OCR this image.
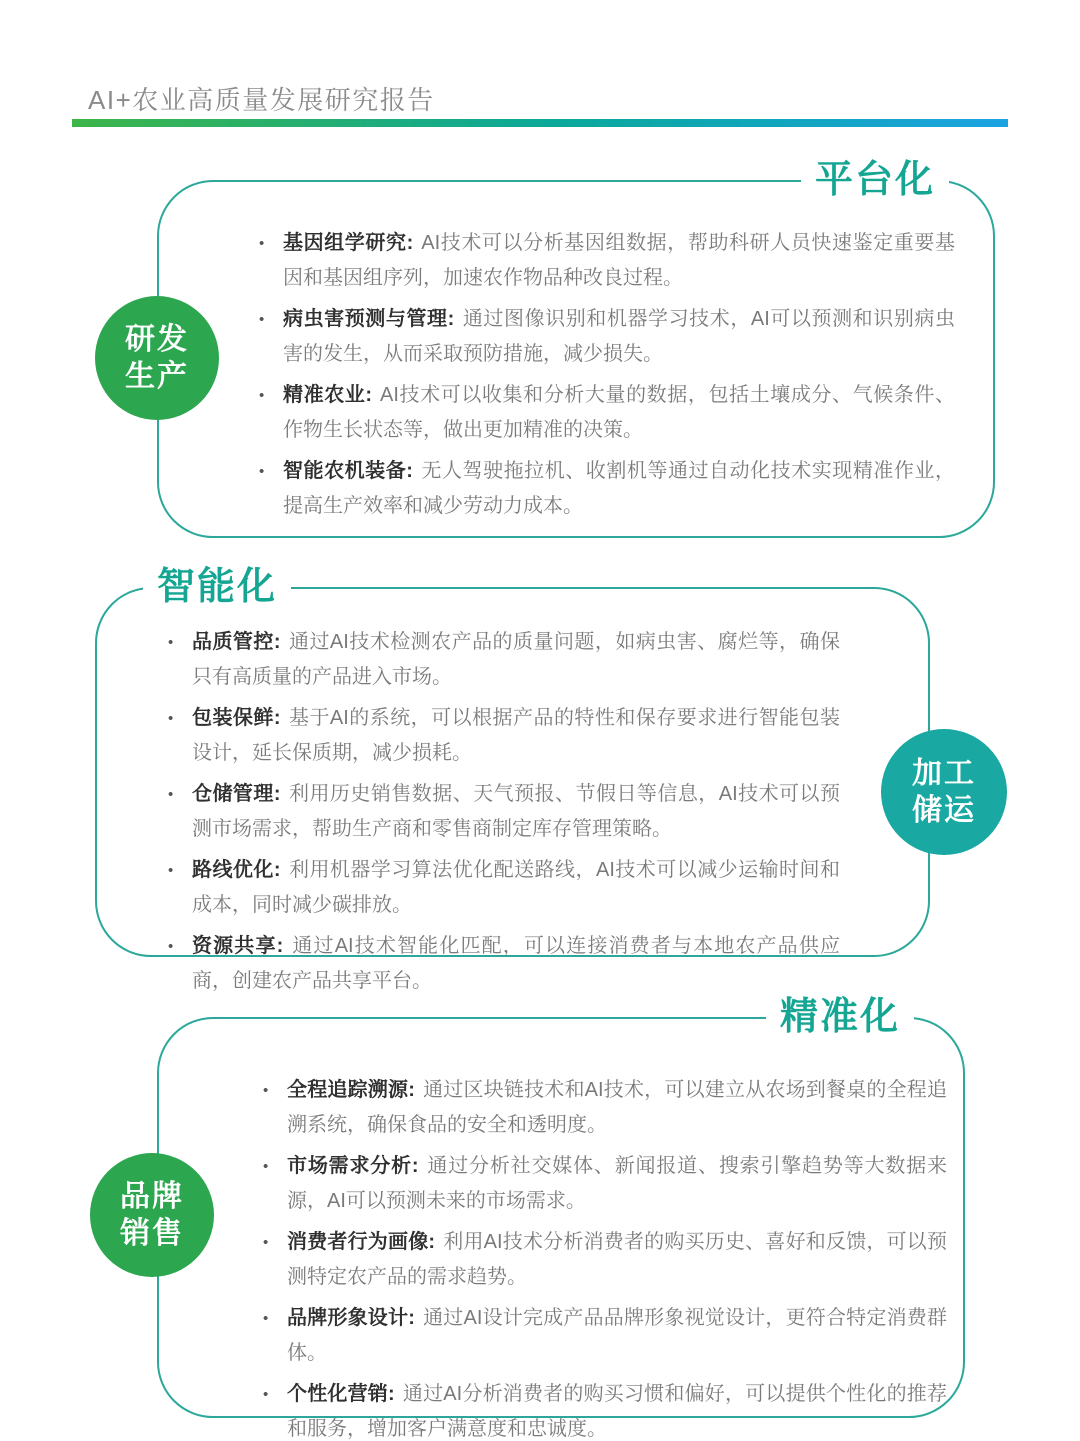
AI+农业高质量发展研究报告
平台化
•

基因组学研究: AI技术可以分析基因组数据，帮助科研人员快速鉴定重要基因和基因组序列，加速农作物品种改良过程。

•

病虫害预测与管理: 通过图像识别和机器学习技术，AI可以预测和识别病虫害的发生，从而采取预防措施，减少损失。

•

精准农业: AI技术可以收集和分析大量的数据，包括土壤成分、气候条件、作物生长状态等，做出更加精准的决策。

•

智能农机装备: 无人驾驶拖拉机、收割机等通过自动化技术实现精准作业，提高生产效率和减少劳动力成本。

研发
生产
智能化
•

品质管控: 通过AI技术检测农产品的质量问题，如病虫害、腐烂等，确保只有高质量的产品进入市场。

•

包装保鲜: 基于AI的系统，可以根据产品的特性和保存要求进行智能包装设计，延长保质期，减少损耗。

•

仓储管理: 利用历史销售数据、天气预报、节假日等信息，AI技术可以预测市场需求，帮助生产商和零售商制定库存管理策略。

•

路线优化: 利用机器学习算法优化配送路线，AI技术可以减少运输时间和成本，同时减少碳排放。

•

资源共享: 通过AI技术智能化匹配，可以连接消费者与本地农产品供应商，创建农产品共享平台。

加工
储运
精准化
•

全程追踪溯源: 通过区块链技术和AI技术，可以建立从农场到餐桌的全程追溯系统，确保食品的安全和透明度。

•

市场需求分析: 通过分析社交媒体、新闻报道、搜索引擎趋势等大数据来源，AI可以预测未来的市场需求。

•

消费者行为画像: 利用AI技术分析消费者的购买历史、喜好和反馈，可以预测特定农产品的需求趋势。

•

品牌形象设计: 通过AI设计完成产品品牌形象视觉设计，更符合特定消费群体。

•

个性化营销: 通过AI分析消费者的购买习惯和偏好，可以提供个性化的推荐和服务，增加客户满意度和忠诚度。

品牌
销售
